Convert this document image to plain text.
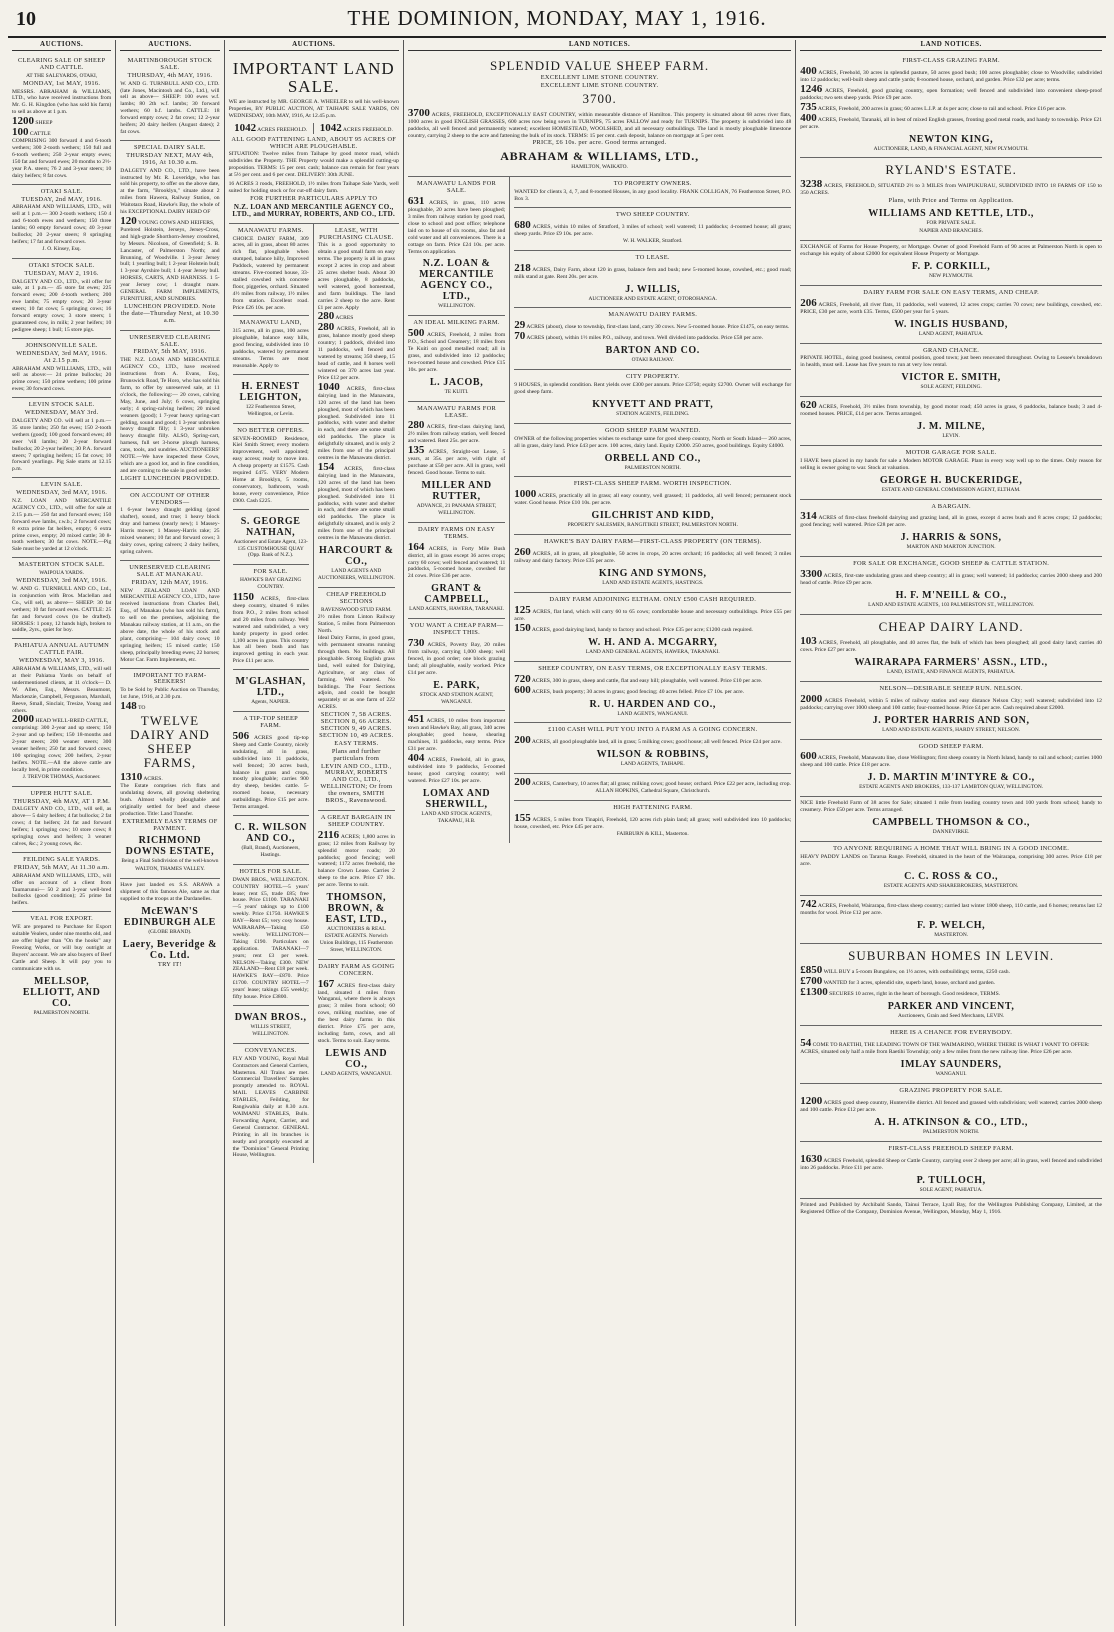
10	THE DOMINION, MONDAY, MAY 1, 1916.
AUCTIONS.
CLEARING SALE OF SHEEP AND CATTLE.
AT THE SALEYARDS, OTAKI,
MONDAY, 1st MAY, 1916.
MESSRS. ABRAHAM & WILLIAMS, LTD., who have received instructions from Mr. G. H. Kingdon (who has sold his farm) to sell as above at 1 p.m.
1200 SHEEP
100 CATTLE
COMPRISING 300 forward 4 and 6-tooth wethers; 300 2-tooth wethers; 150 full and 6-tooth wethers; 250 2-year empty ewes; 150 fat and forward ewes; 20 months to 2½-year P.A. steers; 76 2 and 3-year steers; 10 dairy heifers; 8 fat cows.
OTAKI SALE.
TUESDAY, 2nd MAY, 1916.
ABRAHAM AND WILLIAMS, LTD., will sell at 1 p.m.— 300 2-tooth wethers; 150 4 and 6-tooth ewes and wethers; 150 three lambs; 60 empty forward cows; 40 3-year bullocks; 20 2-year steers; 8 springing heifers; 17 fat and forward cows.
J. O. Kinsey, Esq.
OTAKI STOCK SALE.
TUESDAY, MAY 2, 1916.
DALGETY AND CO., LTD., will offer for sale, at 1 p.m.— 45 store fat ewes; 225 forward ewes; 200 4-tooth wethers; 200 ewe lambs; 75 empty cows; 20 3-year steers; 10 fat cows; 5 springing cows; 16 forward empty cows; 3 store steers; 1 guaranteed cow, in milk; 2 year heifers; 10 pedigree sheep; 1 bull; 15 store pigs.
JOHNSONVILLE SALE.
WEDNESDAY, 3rd MAY, 1916. At 2.15 p.m.
ABRAHAM AND WILLIAMS, LTD., will sell as above:— 24 prime bullocks; 20 prime cows; 150 prime wethers; 100 prime ewes; 30 forward cows.
LEVIN STOCK SALE.
WEDNESDAY, MAY 3rd.
DALGETY AND CO. will sell at 1 p.m.— 35 store lambs; 250 fat ewes; 150 2-tooth wethers (good); 100 good forward ewes; 40 steer 'vill lambs; 20 2-year forward bullocks; 20 2-year heifers; 30 P.A. forward steers; 7 springing heifers; 15 fat cows; 10 forward yearlings. Pig Sale starts at 12.15 p.m.
LEVIN SALE.
WEDNESDAY, 3rd MAY, 1916.
N.Z. LOAN AND MERCANTILE AGENCY CO., LTD., will offer for sale at 2.15 p.m.— 250 fat and forward ewes; 150 forward ewe lambs, r.w.b.; 2 forward cows; 8 extra prime fat heifers, empty; 6 extra prime cows, empty; 20 mixed cattle; 30 8-tooth wethers; 30 fat cows. NOTE.—Pig Sale must be yarded at 12 o'clock.
MASTERTON STOCK SALE.
WAIPOUA YARDS.
WEDNESDAY, 3rd MAY, 1916.
W. AND G. TURNBULL AND CO., Ltd., in conjunction with Bros. Maclellan and Co., will sell, as above— SHEEP: 30 fat wethers; 10 fat forward ewes. CATTLE: 25 fat and forward cows (to be drafted). HORSES: 1 pony, 12 hands high, broken to saddle, 2yrs., quiet for boy.
PAHIATUA ANNUAL AUTUMN CATTLE FAIR.
WEDNESDAY, MAY 3, 1916.
ABRAHAM & WILLIAMS, LTD., will sell at their Pahiatua Yards on behalf of undermentioned clients, at 11 o'clock— D. W. Allen, Esq., Messrs. Beaumont, Mackenzie, Campbell, Fergusson, Marshall, Reeve, Small, Sinclair, Tresize, Young and others.
2000 HEAD WELL-BRED CATTLE,
comprising: 300 2-year and up steers; 150 2-year and up heifers; 150 18-months and 2-year steers; 200 weaner steers; 300 weaner heifers; 250 fat and forward cows; 100 springing cows; 200 heifers, 2-year heifers. NOTE.—All the above cattle are locally bred, in prime condition.
J. TREVOR THOMAS, Auctioneer.
UPPER HUTT SALE.
THURSDAY, 4th MAY, AT 1 P.M.
DALGETY AND CO., LTD., will sell, as above— 5 dairy heifers; 4 fat bullocks; 2 fat cows; 4 fat heifers; 24 fat and forward heifers; 1 springing cow; 10 store cows; 8 springing cows and heifers; 3 weaner calves, &c.; 2 young cows, &c.
FEILDING SALE YARDS.
FRIDAY, 5th MAY, At 11.30 a.m.
ABRAHAM AND WILLIAMS, LTD., will offer on account of a client from Taumarunui— 50 2 and 3-year well-bred bullocks (good condition); 25 prime fat heifers.
VEAL FOR EXPORT.
WE are prepared to Purchase for Export suitable Vealers, under nine months old, and are offer higher than "On the hooks" any Freezing Works, or will buy outright at Buyers' account. We are also buyers of Beef Cattle and Sheep. It will pay you to communicate with us.
MELLSOP, ELLIOTT, AND CO.
PALMERSTON NORTH.
AUCTIONS.
MARTINBOROUGH STOCK SALE.
THURSDAY, 4th MAY, 1916.
W. AND G. TURNBULL AND CO., LTD. (late Jones, Macintosh and Co., Ltd.), will sell as above— SHEEP: 100 ewes w.f. lambs; 80 2th w.f. lambs; 30 forward wethers; 60 b.f. lambs. CATTLE: 18 forward empty cows; 2 fat cows; 12 2-year heifers; 20 dairy heifers (August dates); 2 fat cows.
SPECIAL DAIRY SALE.
THURSDAY NEXT, MAY 4th, 1916, At 10.30 a.m.
DALGETY AND CO., LTD., have been instructed by Mr. R. Loveridge, who has sold his property, to offer on the above date, at the farm, "Brooklyn," situate about 2 miles from Hawera, Railway Station, on Waitotara Road, Hawke's Bay, the whole of his EXCEPTIONAL DAIRY HERD OF
120 YOUNG COWS AND HEIFERS,
Purebred Holstein, Jerseys, Jersey-Cross, and high-grade Shorthorn-Jersey crossbred, by Messrs. Nicolson, of Greenfield; S. B. Lancaster, of Palmerston North; and Brunning, of Woodville. 1 3-year Jersey bull; 1 yearling bull; 1 2-year Holstein bull; 1 3-year Ayrshire bull; 1 4-year Jersey bull. HORSES, CARTS, AND HARNESS. 1 5-year Jersey cow; 1 draught mare. GENERAL FARM IMPLEMENTS, FURNITURE, AND SUNDRIES.
LUNCHEON PROVIDED. Note the date—Thursday Next, at 10.30 a.m.
UNRESERVED CLEARING SALE.
FRIDAY, 5th MAY, 1916.
THE N.Z. LOAN AND MERCANTILE AGENCY CO., LTD., have received instructions from A. Evans, Esq., Brunswick Road, Te Horo, who has sold his farm, to offer by unreserved sale, at 11 o'clock, the following:— 20 cows, calving May, June, and July; 6 cows, springing early; 4 spring-calving heifers; 20 mixed weaners (good); 1 7-year heavy spring-cart gelding, sound and good; 1 3-year unbroken heavy draught filly; 1 3-year unbroken heavy draught filly. ALSO, Spring-cart, harness, full set 3-horse plough harness, cans, tools, and sundries. AUCTIONEERS' NOTE.—We have inspected these Cows, which are a good lot, and in fine condition, and are coming to the sale in good order.
LIGHT LUNCHEON PROVIDED.
ON ACCOUNT OF OTHER VENDORS—
1 6-year heavy draught gelding (good shafter), sound, and true; 1 heavy block dray and harness (nearly new); 1 Massey-Harris mower; 1 Massey-Harris rake; 25 mixed weaners; 10 fat and forward cows; 3 dairy cows, spring calvers; 2 dairy heifers, spring calvers.
UNRESERVED CLEARING SALE AT MANAKAU.
FRIDAY, 12th MAY, 1916.
NEW ZEALAND LOAN AND MERCANTILE AGENCY CO., LTD., have received instructions from Charles Bell, Esq., of Manakau (who has sold his farm), to sell on the premises, adjoining the Manakau railway station, at 11 a.m., on the above date, the whole of his stock and plant, comprising— 104 dairy cows; 10 springing heifers; 15 mixed cattle; 150 sheep, principally breeding ewes; 22 horses; Motor Car. Farm Implements, etc.
IMPORTANT TO FARM-SEEKERS!
To be Sold by Public Auction on Thursday, 1st June, 1916, at 2.30 p.m.
148 TO
TWELVE DAIRY AND SHEEP FARMS,
1310 ACRES.
The Estate comprises rich flats and undulating downs, all growing sheltering bush. Almost wholly ploughable and originally settled for beef and cheese production. Title: Land Transfer.
EXTREMELY EASY TERMS OF PAYMENT.
RICHMOND DOWNS ESTATE,
Being a Final Subdivision of the well-known
WALTON, THAMES VALLEY.
Have just landed ex S.S. ARAWA a shipment of this famous Ale, same as that supplied to the troops at the Dardanelles.
McEWAN'S EDINBURGH ALE
(GLOBE BRAND).
Laery, Beveridge & Co. Ltd.
TRY IT!
AUCTIONS.
IMPORTANT LAND SALE.
WE are instructed by MR. GEORGE A. WHEELER to sell his well-known Properties, BY PUBLIC AUCTION, AT TAIHAPE SALE YARDS, ON WEDNESDAY, 10th MAY, 1916, At 12.45 p.m.
1042 ACRES FREEHOLD.	1042 ACRES FREEHOLD.
ALL GOOD FATTENING LAND, ABOUT 95 ACRES OF WHICH ARE PLOUGHABLE.
SITUATION: Twelve miles from Taihape by good motor road, which subdivides the Property. THE Property would make a splendid cutting-up proposition. TERMS: 15 per cent. cash; balance can remain for four years at 5½ per cent. and 6 per cent. DELIVERY: 30th JUNE.
16 ACRES 3 roods, FREEHOLD, 1½ miles from Taihape Sale Yards, well suited for holding stock or for cut-off dairy farm.
FOR FURTHER PARTICULARS APPLY TO
N.Z. LOAN AND MERCANTILE AGENCY CO., LTD., and MURRAY, ROBERTS, AND CO., LTD.
MANAWATU FARMS.
CHOICE DAIRY FARM, 309 acres, all in grass, about 80 acres rich flat, ploughable when stumped, balance hilly, Improved Paddock, watered by permanent streams. Five-roomed house, 33-stalled cowshed with concrete floor, piggeries, orchard. Situated 4½ miles from railway, 1½ miles from station. Excellent road. Price £26 10s. per acre.
MANAWATU LAND,
315 acres, all in grass, 100 acres ploughable, balance easy hills, good fencing, subdivided into 10 paddocks, watered by permanent streams. Terms are most reasonable. Apply to
H. ERNEST LEIGHTON,
122 Featherston Street, Wellington, or Levin.
NO BETTER OFFERS.
SEVEN-ROOMED Residence, Kiel Smith Street; every modern improvement, well appointed; easy access; ready to move into. A cheap property at £1575. Cash required £475. VERY Modern Home at Brooklyn, 5 rooms, conservatory, bathroom, wash house, every convenience, Price £900. Cash £225.
S. GEORGE NATHAN,
Auctioneer and Estate Agent, 123-135 CUSTOMHOUSE QUAY (Opp. Bank of N.Z.).
FOR SALE.
HAWKE'S BAY GRAZING COUNTRY.
1150 ACRES, first-class sheep country, situated 6 miles from P.O., 2 miles from school and 20 miles from railway. Well watered and subdivided, a very handy property in good order. 1,100 acres in grass. This country has all been bush and has improved getting in each year. Price £11 per acre.
M'GLASHAN, LTD.,
Agents, NAPIER.
A TIP-TOP SHEEP FARM.
506 ACRES good tip-top Sheep and Cattle Country, nicely undulating, all in grass, subdivided into 11 paddocks, well fenced; 30 acres bush, balance in grass and crops, mostly ploughable; carries 900 dry sheep, besides cattle. 5-roomed house, necessary outbuildings. Price £15 per acre. Terms arranged.
C. R. WILSON AND CO.,
(Ball, Brand), Auctioneers, Hastings.
HOTELS FOR SALE.
DWAN BROS., WELLINGTON. COUNTRY HOTEL—5 years' lease; rent £5, trade £85; free house. Price £1100. TARANAKI—5 years' takings up to £100 weekly. Price £1750. HAWKE'S BAY—Rent £5; very cosy house. WAIRARAPA—Taking £50 weekly. WELLINGTON—Taking £190. Particulars on application. TARANAKI—7 years; rent £3 per week. NELSON—Taking £300. NEW ZEALAND—Rent £18 per week. HAWKE'S BAY—£870. Price £1700. COUNTRY HOTEL—7 years' lease; takings £55 weekly; fifty house. Price £3800.
DWAN BROS.,
WILLIS STREET, WELLINGTON.
CONVEYANCES.
FLY AND YOUNG, Royal Mail Contractors and General Carriers, Masterton. All Trains are met. Commercial Travellers' Samples promptly attended to. ROYAL MAIL LEAVES CARBINE STABLES, Feilding, for Rangiwahia daily at 8.30 a.m. WAIMANU STABLES, Bulls. Forwarding Agent, Carrier, and General Contractor. GENERAL Printing in all its branches is neatly and promptly executed at the "Dominion" General Printing House, Wellington.
LEASE, WITH PURCHASING CLAUSE.
This is a good opportunity to obtain a good small farm on easy terms. The property is all in grass except 2 acres in crop and about 25 acres shelter bush. About 30 acres ploughable, 8 paddocks, well watered, good homestead, and farm buildings. The land carries 2 sheep to the acre. Rent £1 per acre. Apply
280 ACRES
280 ACRES, Freehold, all in grass, balance mostly good sheep country; 1 paddock, divided into 11 paddocks, well fenced and watered by streams; 350 sheep, 15 head of cattle, and 8 horses well wintered on 370 acres last year. Price £12 per acre.
1040 ACRES, first-class dairying land in the Manawatu, 120 acres of the land has been ploughed, most of which has been ploughed. Subdivided into 11 paddocks, with water and shelter in each, and there are some small old paddocks. The place is delightfully situated, and is only 2 miles from one of the principal centres in the Manawatu district.
154 ACRES, first-class dairying land in the Manawatu, 120 acres of the land has been ploughed, most of which has been ploughed. Subdivided into 11 paddocks, with water and shelter in each, and there are some small old paddocks. The place is delightfully situated, and is only 2 miles from one of the principal centres in the Manawatu district.
HARCOURT & CO.,
LAND AGENTS AND AUCTIONEERS, WELLINGTON.
CHEAP FREEHOLD SECTIONS
RAVENSWOOD STUD FARM.
2½ miles from Linton Railway Station, 5 miles from Palmerston North.
Ideal Dairy Farms, in good grass, with permanent streams running through them. No buildings. All ploughable. Strong English grass land, well suited for Dairying, Agriculture, or any class of farming. Well watered. No buildings. The Four Sections adjoin, and could be bought separately or as one farm of 222 ACRES.
SECTION 7, 58 ACRES. SECTION 8, 66 ACRES. SECTION 9, 49 ACRES. SECTION 10, 49 ACRES.
EASY TERMS.
Plans and further particulars from
LEVIN AND CO., LTD., MURRAY, ROBERTS AND CO., LTD., WELLINGTON; Or from the owners, SMITH BROS., Ravenswood.
A GREAT BARGAIN IN SHEEP COUNTRY.
2116 ACRES; 1,800 acres in grass; 12 miles from Railway by splendid motor roads; 20 paddocks; good fencing; well watered; 1172 acres freehold, the balance Crown Lease. Carries 2 sheep to the acre. Price £7 10s. per acre. Terms to suit.
THOMSON, BROWN, & EAST, LTD.,
AUCTIONEERS & REAL ESTATE AGENTS. Norwich Union Buildings, 115 Featherston Street, WELLINGTON.
DAIRY FARM AS GOING CONCERN.
167 ACRES first-class dairy land, situated 4 miles from Wanganui, where there is always grass; 3 miles from school; 60 cows, milking machine, one of the best dairy farms in this district. Price £75 per acre, including farm, cows, and all stock. Terms to suit. Easy terms.
LEWIS AND CO.,
LAND AGENTS, WANGANUI.
LAND NOTICES.
SPLENDID VALUE SHEEP FARM.
EXCELLENT LIME STONE COUNTRY.
EXCELLENT LIME STONE COUNTRY.
3700.
3700 ACRES, FREEHOLD, EXCEPTIONALLY EAST COUNTRY, within measurable distance of Hamilton. This property is situated about 68 acres river flats, 1000 acres in good ENGLISH GRASSES, 600 acres now being sown in TURNIPS, 75 acres FALLOW and ready for TURNIPS. The property is subdivided into 48 paddocks, all well fenced and permanently watered; excellent HOMESTEAD, WOOLSHED, and all necessary outbuildings. The land is mostly ploughable limestone country, carrying 2 sheep to the acre and fattening the bulk of its stock. TERMS: 15 per cent. cash deposit, balance on mortgage at 5 per cent.
PRICE, £6 10s. per acre. Good terms arranged.
ABRAHAM & WILLIAMS, LTD.,
HAMILTON, WAIKATO.
MANAWATU LANDS FOR SALE.
631 ACRES, in grass, 110 acres ploughable, 20 acres have been ploughed; 3 miles from railway station by good road, close to school and post office; telephone laid on to house of six rooms, also fat and cold water and all conveniences. There is a cottage on farm. Price £24 10s. per acre. Terms on application.
N.Z. LOAN & MERCANTILE AGENCY CO., LTD.,
WELLINGTON.
AN IDEAL MILKING FARM.
500 ACRES, Freehold, 2 miles from P.O., School and Creamery; 18 miles from Te Kuiti on good metalled road; all in grass, and subdivided into 12 paddocks; two-roomed house and cowshed. Price £15 10s. per acre.
L. JACOB,
TE KUITI.
MANAWATU FARMS FOR LEASE.
280 ACRES, first-class dairying land, 2½ miles from railway station, well fenced and watered. Rent 25s. per acre.
135 ACRES, Straight-out Lease, 5 years, at 35s. per acre, with right of purchase at £50 per acre. All in grass, well fenced. Good house. Terms to suit.
MILLER AND RUTTER,
ADVANCE, 21 PANAMA STREET, WELLINGTON.
DAIRY FARMS ON EASY TERMS.
164 ACRES, in Forty Mile Bush district, all in grass except 36 acres crops; carry 60 cows; well fenced and watered; 11 paddocks, 5-roomed house, cowshed for 24 cows. Price £36 per acre.
GRANT & CAMPBELL,
LAND AGENTS, HAWERA, TARANAKI.
YOU WANT A CHEAP FARM—INSPECT THIS.
730 ACRES, Poverty Bay, 20 miles from railway, carrying 1,000 sheep; well fenced, in good order; one block grazing land; all ploughable, easily worked. Price £14 per acre.
E. PARK,
STOCK AND STATION AGENT, WANGANUI.
451 ACRES, 10 miles from important town and Hawke's Bay, all grass, 340 acres ploughable; good house, shearing machines, 11 paddocks, easy terms. Price £31 per acre.
404 ACRES, Freehold, all in grass, subdivided into 9 paddocks, 5-roomed house; good carrying country; well watered. Price £27 10s. per acre.
LOMAX AND SHERWILL,
LAND AND STOCK AGENTS, TAKAPAU, H.B.
TO PROPERTY OWNERS.
WANTED for clients 3, 4, 7, and 8-roomed Houses, in any good locality. FRANK COLLIGAN, 76 Featherston Street, P.O. Box 3.
TWO SHEEP COUNTRY.
680 ACRES, within 10 miles of Stratford, 3 miles of school; well watered; 11 paddocks; 4-roomed house; all grass; sheep yards. Price £9 10s. per acre.
W. H. WALKER, Stratford.
TO LEASE.
218 ACRES, Dairy Farm, about 120 in grass, balance fern and bush; new 5-roomed house, cowshed, etc.; good road; milk stand at gate. Rent 20s. per acre.
J. WILLIS,
AUCTIONEER AND ESTATE AGENT, OTOROHANGA.
MANAWATU DAIRY FARMS.
29 ACRES (about), close to township, first-class land, carry 30 cows. New 5-roomed house. Price £1475, on easy terms.
70 ACRES (about), within 1½ miles P.O., railway, and town. Well divided into paddocks. Price £58 per acre.
BARTON AND CO.
OTAKI RAILWAY.
CITY PROPERTY.
9 HOUSES, in splendid condition. Rent yields over £300 per annum. Price £3750; equity £2700. Owner will exchange for good sheep farm.
KNYVETT AND PRATT,
STATION AGENTS, FEILDING.
GOOD SHEEP FARM WANTED.
OWNER of the following properties wishes to exchange same for good sheep country, North or South Island— 260 acres, all in grass, dairy land. Price £43 per acre. 100 acres, dairy land. Equity £2000. 250 acres, good buildings. Equity £4000.
ORBELL AND CO.,
PALMERSTON NORTH.
FIRST-CLASS SHEEP FARM. WORTH INSPECTION.
1000 ACRES, practically all in grass; all easy country, well grassed; 11 paddocks, all well fenced; permanent stock water. Good house. Price £10 10s. per acre.
GILCHRIST AND KIDD,
PROPERTY SALESMEN, RANGITIKEI STREET, PALMERSTON NORTH.
HAWKE'S BAY DAIRY FARM—FIRST-CLASS PROPERTY (ON TERMS).
260 ACRES, all in grass, all ploughable, 50 acres in crops, 20 acres orchard; 16 paddocks; all well fenced; 3 miles railway and dairy factory. Price £35 per acre.
KING AND SYMONS,
LAND AND ESTATE AGENTS, HASTINGS.
DAIRY FARM ADJOINING ELTHAM. ONLY £500 CASH REQUIRED.
125 ACRES, flat land, which will carry 60 to 65 cows; comfortable house and necessary outbuildings. Price £55 per acre.
150 ACRES, good dairying land, handy to factory and school. Price £35 per acre; £1200 cash required.
W. H. AND A. MCGARRY,
LAND AND GENERAL AGENTS, HAWERA, TARANAKI.
SHEEP COUNTRY, ON EASY TERMS, OR EXCEPTIONALLY EASY TERMS.
720 ACRES, 300 in grass, sheep and cattle, flat and easy hill; ploughable, well watered. Price £10 per acre.
600 ACRES, bush property; 30 acres in grass; good fencing; 40 acres felled. Price £7 10s. per acre.
R. U. HARDEN AND CO.,
LAND AGENTS, WANGANUI.
£1100 CASH WILL PUT YOU INTO A FARM AS A GOING CONCERN.
200 ACRES, all good ploughable land, all in grass; 5 milking cows; good house; all well fenced. Price £24 per acre.
WILSON & ROBBINS,
LAND AGENTS, TAIHAPE.
200 ACRES, Canterbury, 10 acres flat; all grass; milking cows; good house; orchard. Price £22 per acre, including crop.
ALLAN HOPKINS, Cathedral Square, Christchurch.
HIGH FATTENING FARM.
155 ACRES, 5 miles from Tinapiri, Freehold, 120 acres rich plain land; all grass; well subdivided into 10 paddocks; house, cowshed, etc. Price £45 per acre.
FAIRBURN & KILL, Masterton.
LAND NOTICES.
FIRST-CLASS GRAZING FARM.
400 ACRES, Freehold, 30 acres in splendid pasture, 50 acres good bush; 100 acres ploughable; close to Woodville; subdivided into 12 paddocks; well-built sheep and cattle yards; 8-roomed house, orchard, and garden. Price £32 per acre; terms.
1246 ACRES, Freehold, good grazing country, open formation; well fenced and subdivided into convenient sheep-proof paddocks; two sets sheep yards. Price £9 per acre.
735 ACRES, Freehold, 200 acres in grass; 60 acres L.I.P. at 4s per acre; close to rail and school. Price £16 per acre.
400 ACRES, Freehold, Taranaki, all in best of mixed English grasses, fronting good metal roads, and handy to township. Price £21 per acre.
NEWTON KING,
AUCTIONEER, LAND, & FINANCIAL AGENT, NEW PLYMOUTH.
RYLAND'S ESTATE.
3238 ACRES, FREEHOLD, SITUATED 2½ to 3 MILES from WAIPUKURAU, SUBDIVIDED INTO 18 FARMS OF 150 to 350 ACRES.
Plans, with Price and Terms on Application.
WILLIAMS AND KETTLE, LTD.,
FOR PRIVATE SALE.
NAPIER AND BRANCHES.
EXCHANGE of Farms for House Property, or Mortgage. Owner of good Freehold Farm of 90 acres at Palmerston North is open to exchange his equity of about £2000 for equivalent House Property or Mortgage.
F. P. CORKILL,
NEW PLYMOUTH.
DAIRY FARM FOR SALE ON EASY TERMS, AND CHEAP.
206 ACRES, Freehold, all river flats, 11 paddocks, well watered, 12 acres crops; carries 70 cows; new buildings, cowshed, etc. PRICE, £30 per acre, worth £35. Terms, £500 per year for 5 years.
W. INGLIS HUSBAND,
LAND AGENT, PAHIATUA.
GRAND CHANCE.
PRIVATE HOTEL, doing good business, central position, good town; just been renovated throughout. Owing to Lessee's breakdown in health, must sell. Lease has five years to run at very low rental.
VICTOR E. SMITH,
SOLE AGENT, FEILDING.
620 ACRES, Freehold, 3½ miles from township, by good motor road; 450 acres in grass, 6 paddocks, balance bush; 3 and 4-roomed houses. PRICE, £14 per acre. Terms arranged.
J. M. MILNE,
LEVIN.
MOTOR GARAGE FOR SALE.
I HAVE been placed in my hands for sale a Modern MOTOR GARAGE. Plant in every way well up to the times. Only reason for selling is owner going to war. Stock at valuation.
GEORGE H. BUCKERIDGE,
ESTATE AND GENERAL COMMISSION AGENT, ELTHAM.
A BARGAIN.
314 ACRES of first-class freehold dairying and grazing land, all in grass, except 4 acres bush and 8 acres crops; 12 paddocks; good fencing; well watered. Price £28 per acre.
J. HARRIS & SONS,
MARTON AND MARTON JUNCTION.
FOR SALE OR EXCHANGE, GOOD SHEEP & CATTLE STATION.
3300 ACRES, first-rate undulating grass and sheep country; all in grass; well watered; 14 paddocks; carries 2000 sheep and 200 head of cattle. Price £9 per acre.
H. F. M'NEILL & CO.,
LAND AND ESTATE AGENTS, 103 PALMERSTON ST., WELLINGTON.
CHEAP DAIRY LAND.
103 ACRES, Freehold, all ploughable, and 40 acres flat, the bulk of which has been ploughed; all good dairy land; carries 40 cows. Price £27 per acre.
WAIRARAPA FARMERS' ASSN., LTD.,
LAND, ESTATE, AND FINANCE AGENTS, PAHIATUA.
NELSON—DESIRABLE SHEEP RUN. NELSON.
2000 ACRES Freehold, within 5 miles of railway station and easy distance Nelson City; well watered; subdivided into 12 paddocks; carrying over 1000 sheep and 100 cattle; four-roomed house. Price £4 per acre. Cash required about £2000.
J. PORTER HARRIS AND SON,
LAND AND ESTATE AGENTS, HARDY STREET, NELSON.
GOOD SHEEP FARM.
600 ACRES, Freehold, Manawatu line, close Wellington; first sheep country in North Island, handy to rail and school; carries 1000 sheep and 100 cattle. Price £18 per acre.
J. D. MARTIN M'INTYRE & CO.,
ESTATE AGENTS AND BROKERS, 133-137 LAMBTON QUAY, WELLINGTON.
NICE little Freehold Farm of 38 acres for Sale; situated 1 mile from leading country town and 100 yards from school; handy to creamery. Price £50 per acre. Terms arranged.
CAMPBELL THOMSON & CO.,
DANNEVIRKE.
TO ANYONE REQUIRING A HOME THAT WILL BRING IN A GOOD INCOME.
HEAVY PADDY LANDS on Tararua Range. Freehold, situated in the heart of the Wairarapa, comprising 300 acres. Price £18 per acre.
C. C. ROSS & CO.,
ESTATE AGENTS AND SHAREBROKERS, MASTERTON.
742 ACRES, Freehold, Wairarapa, first-class sheep country; carried last winter 1800 sheep, 110 cattle, and 6 horses; returns last 12 months for wool. Price £12 per acre.
F. P. WELCH,
MASTERTON.
SUBURBAN HOMES IN LEVIN.
£850 WILL BUY a 5-room Bungalow, on 1½ acres, with outbuildings; terms, £250 cash.
£700 WANTED for 3 acres, splendid site, superb land, house, orchard and garden.
£1300 SECURES 10 acres, right in the heart of borough. Good residence, TERMS.
PARKER AND VINCENT,
Auctioneers, Grain and Seed Merchants, LEVIN.
HERE IS A CHANCE FOR EVERYBODY.
54 COME TO RAETIHI, THE LEADING TOWN OF THE WAIMARINO, WHERE THERE IS WHAT I WANT TO OFFER:
ACRES, situated only half a mile from Raetihi Township; only a few miles from the new railway line. Price £26 per acre.
IMLAY SAUNDERS,
WANGANUI.
GRAZING PROPERTY FOR SALE.
1200 ACRES good sheep country, Hunterville district. All fenced and grassed with subdivision; well watered; carries 2000 sheep and 100 cattle. Price £12 per acre.
A. H. ATKINSON & CO., LTD.,
PALMERSTON NORTH.
FIRST-CLASS FREEHOLD SHEEP FARM.
1630 ACRES Freehold, splendid Sheep or Cattle Country, carrying over 2 sheep per acre; all in grass, well fenced and subdivided into 26 paddocks. Price £11 per acre.
P. TULLOCH,
SOLE AGENT, PAHIATUA.
Printed and Published by Archibald Sando, Tainui Terrace, Lyall Bay, for the Wellington Publishing Company, Limited, at the Registered Office of the Company, Dominion Avenue, Wellington, Monday, May 1, 1916.
